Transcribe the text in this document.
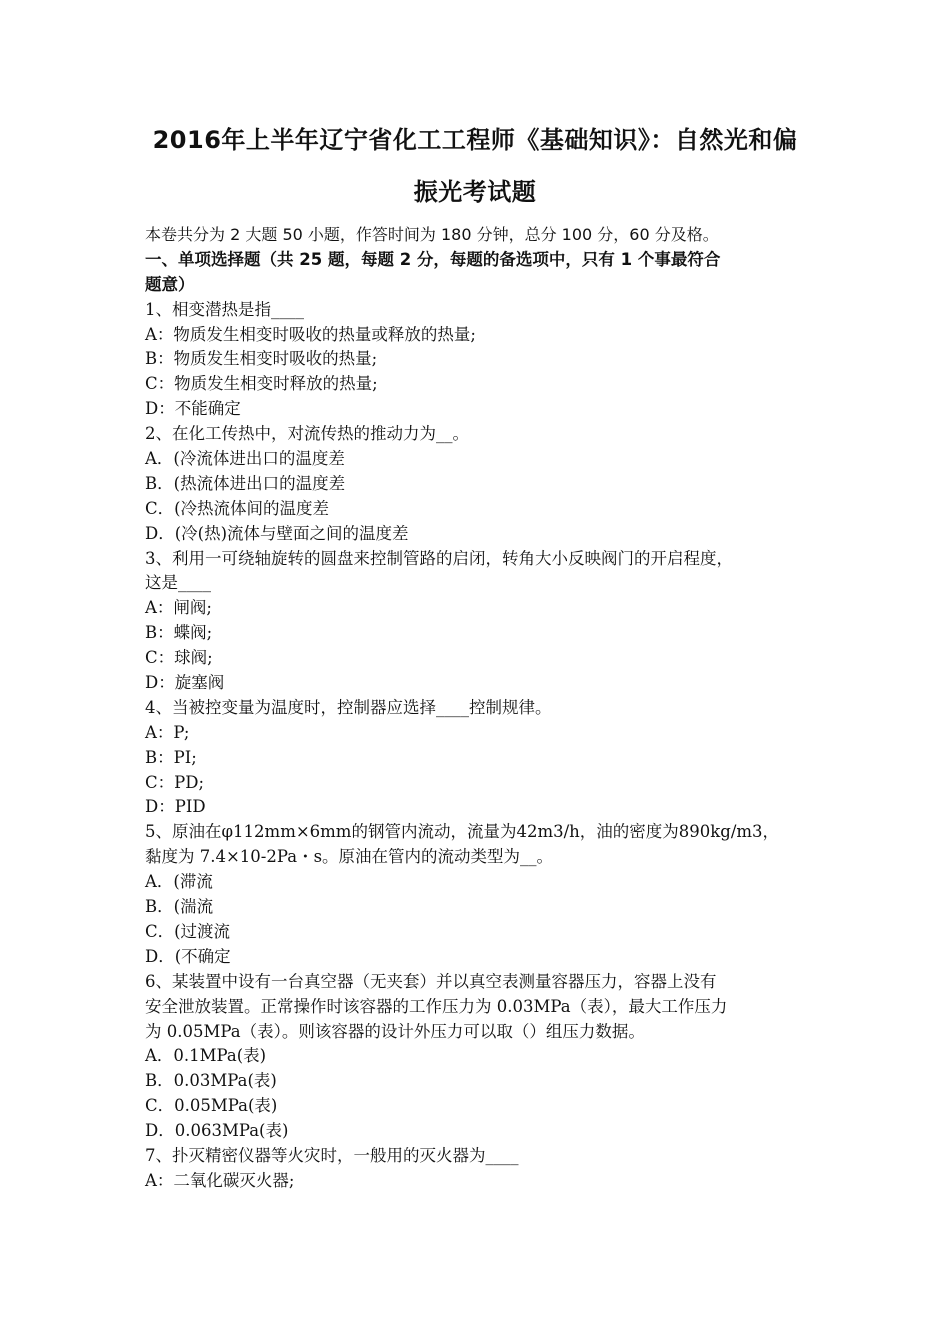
2016年上半年辽宁省化工工程师《基础知识》：自然光和偏
振光考试题
本卷共分为 2 大题 50 小题，作答时间为 180 分钟，总分 100 分，60 分及格。
一、单项选择题（共 25 题，每题 2 分，每题的备选项中，只有 1 个事最符合
题意）
1、相变潜热是指____
A：物质发生相变时吸收的热量或释放的热量;
B：物质发生相变时吸收的热量;
C：物质发生相变时释放的热量;
D：不能确定
2、在化工传热中，对流传热的推动力为__。
A．(冷流体进出口的温度差
B．(热流体进出口的温度差
C．(冷热流体间的温度差
D．(冷(热)流体与壁面之间的温度差
3、利用一可绕轴旋转的圆盘来控制管路的启闭，转角大小反映阀门的开启程度，
这是____
A：闸阀;
B：蝶阀;
C：球阀;
D：旋塞阀
4、当被控变量为温度时，控制器应选择____控制规律。
A：P;
B：PI;
C：PD;
D：PID
5、原油在φ112mm×6mm的钢管内流动，流量为42m3/h，油的密度为890kg/m3，
黏度为 7.4×10-2Pa・s。原油在管内的流动类型为__。
A．(滞流
B．(湍流
C．(过渡流
D．(不确定
6、某装置中设有一台真空器（无夹套）并以真空表测量容器压力，容器上没有
安全泄放装置。正常操作时该容器的工作压力为 0.03MPa（表），最大工作压力
为 0.05MPa（表）。则该容器的设计外压力可以取（）组压力数据。
A．0.1MPa(表)
B．0.03MPa(表)
C．0.05MPa(表)
D．0.063MPa(表)
7、扑灭精密仪器等火灾时，一般用的灭火器为____
A：二氧化碳灭火器;
